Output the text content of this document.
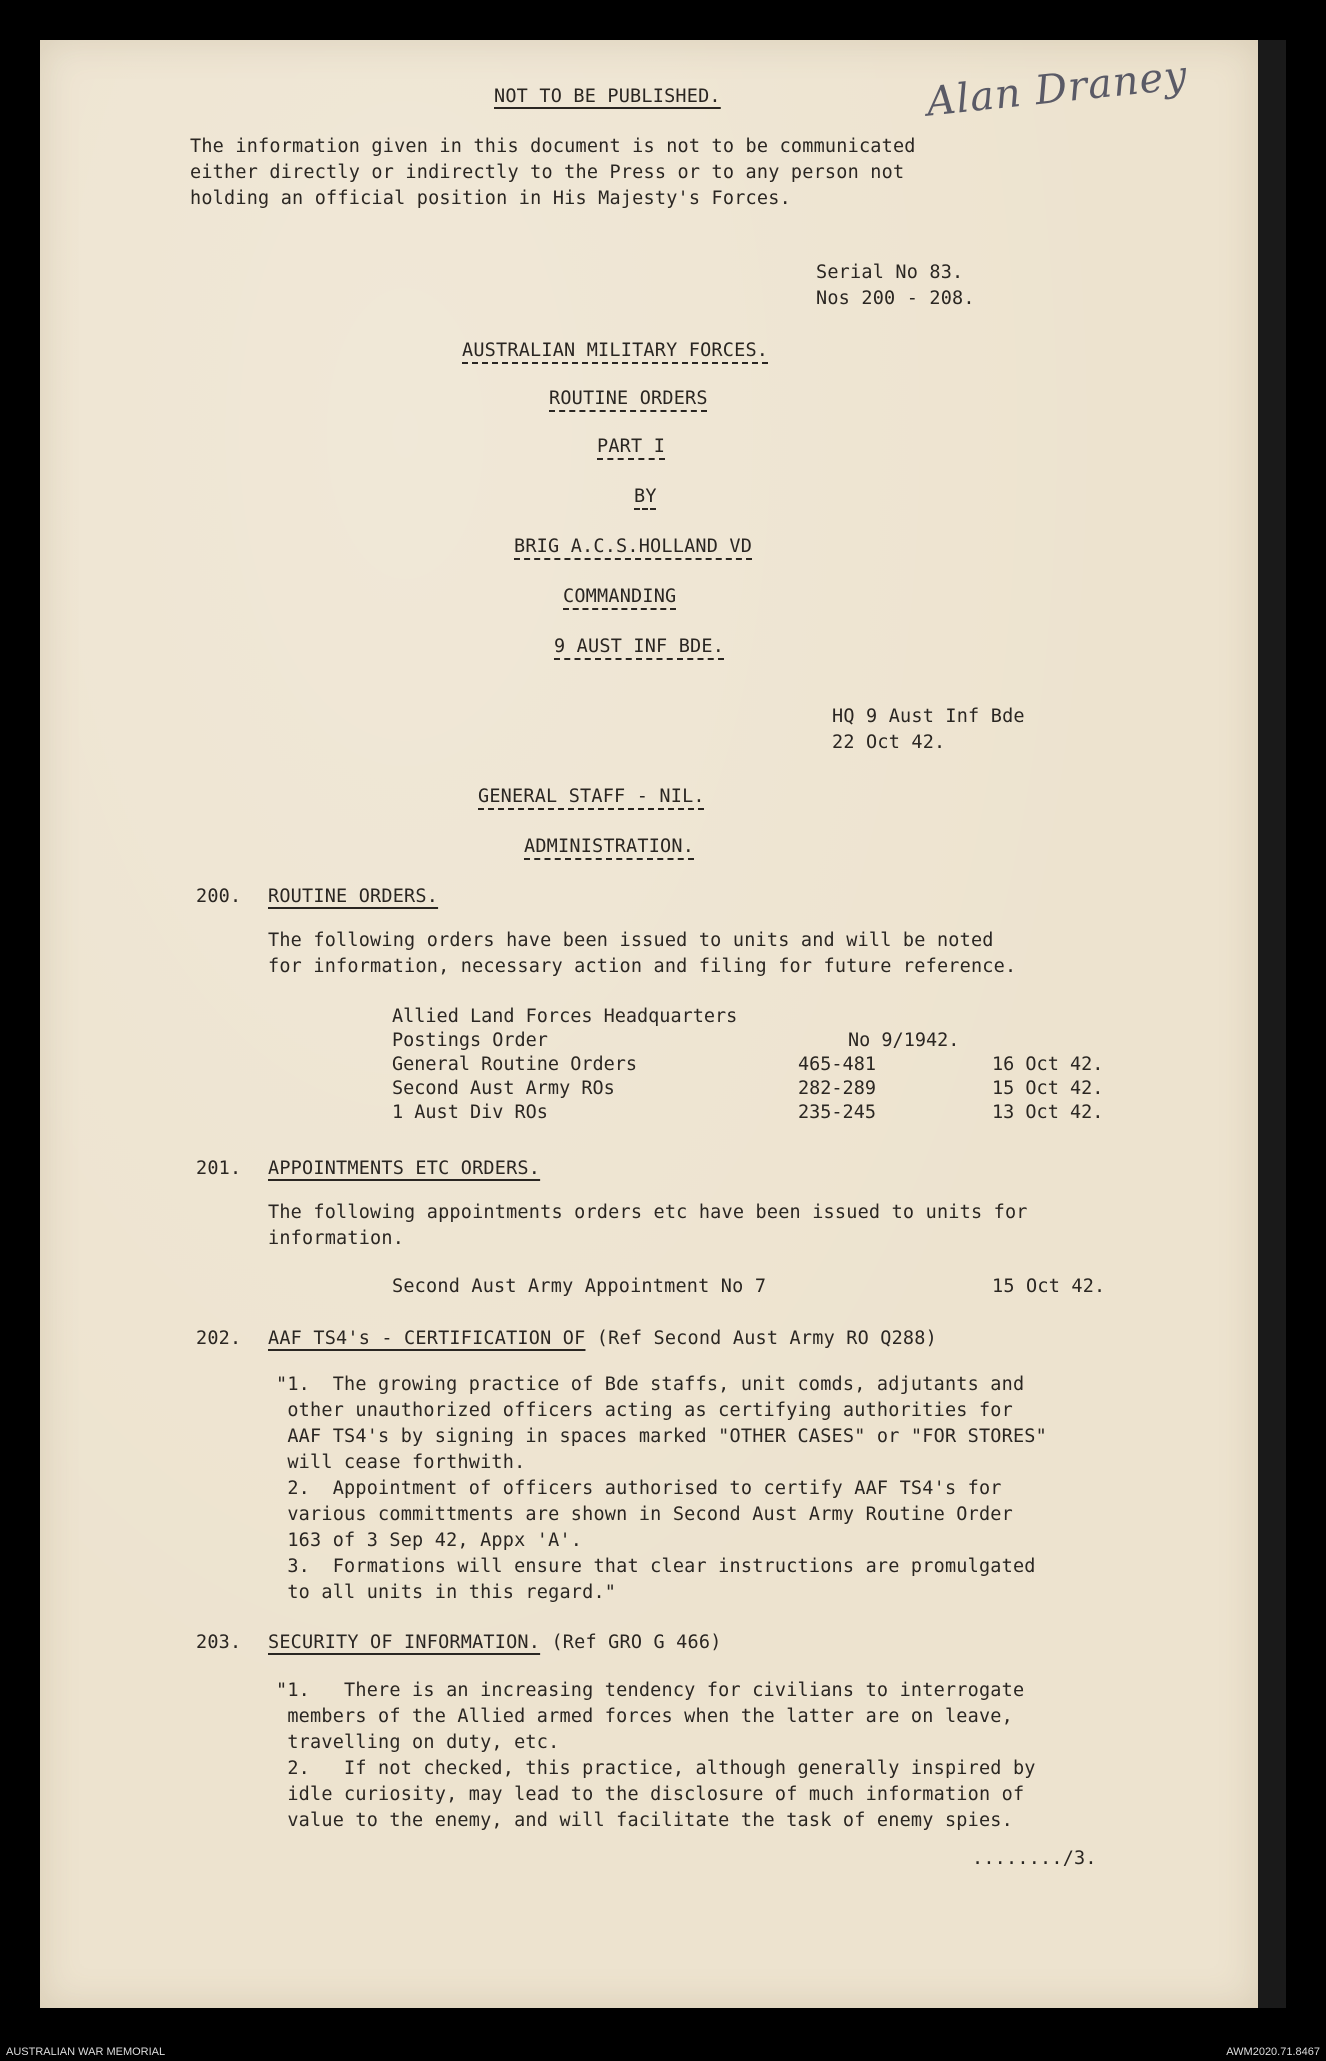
NOT TO BE PUBLISHED.	Alan Draney
The information given in this document is not to be communicated
either directly or indirectly to the Press or to any person not
holding an official position in His Majesty's Forces.
Serial No 83.
Nos 200 - 208.
AUSTRALIAN MILITARY FORCES.
ROUTINE ORDERS
PART I
BY
BRIG A.C.S.HOLLAND VD
COMMANDING
9 AUST INF BDE.
HQ 9 Aust Inf Bde
22 Oct 42.
GENERAL STAFF - NIL.
ADMINISTRATION.
200. ROUTINE ORDERS.
The following orders have been issued to units and will be noted
for information, necessary action and filing for future reference.
Allied Land Forces Headquarters
Postings Order	No 9/1942.
General Routine Orders	465-481	16 Oct 42.
Second Aust Army ROs	282-289	15 Oct 42.
1 Aust Div ROs	235-245	13 Oct 42.
201. APPOINTMENTS ETC ORDERS.
The following appointments orders etc have been issued to units for
information.
Second Aust Army Appointment No 7	15 Oct 42.
202. AAF TS4's - CERTIFICATION OF (Ref Second Aust Army RO Q288)
"1.  The growing practice of Bde staffs, unit comds, adjutants and
other unauthorized officers acting as certifying authorities for
AAF TS4's by signing in spaces marked "OTHER CASES" or "FOR STORES"
will cease forthwith.
2.  Appointment of officers authorised to certify AAF TS4's for
various committments are shown in Second Aust Army Routine Order
163 of 3 Sep 42, Appx 'A'.
3.  Formations will ensure that clear instructions are promulgated
to all units in this regard."
203. SECURITY OF INFORMATION. (Ref GRO G 466)
"1.   There is an increasing tendency for civilians to interrogate
members of the Allied armed forces when the latter are on leave,
travelling on duty, etc.
2.   If not checked, this practice, although generally inspired by
idle curiosity, may lead to the disclosure of much information of
value to the enemy, and will facilitate the task of enemy spies.
......../3.
AUSTRALIAN WAR MEMORIAL	AWM2020.71.8467
